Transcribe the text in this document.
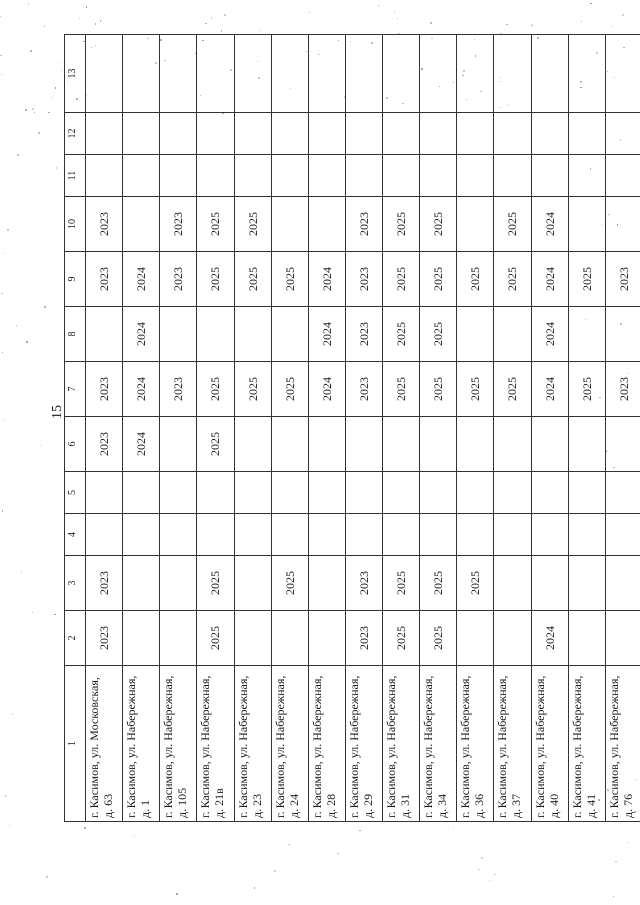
15
1	2	3	4	5	6	7	8	9	10	11	12	13
г. Касимов, ул. Московская, д. 63	2023	2023			2023	2023		2023	2023			
г. Касимов, ул. Набережная, д. 1					2024	2024	2024	2024				
г. Касимов, ул. Набережная, д. 105						2023		2023	2023			
г. Касимов, ул. Набережная, д. 21в	2025	2025			2025	2025		2025	2025			
г. Касимов, ул. Набережная, д. 23						2025		2025	2025			
г. Касимов, ул. Набережная, д. 24		2025				2025		2025				
г. Касимов, ул. Набережная, д. 28						2024	2024	2024				
г. Касимов, ул. Набережная, д. 29	2023	2023				2023	2023	2023	2023			
г. Касимов, ул. Набережная, д. 31	2025	2025				2025	2025	2025	2025			
г. Касимов, ул. Набережная, д. 34	2025	2025				2025	2025	2025	2025			
г. Касимов, ул. Набережная, д. 36		2025				2025		2025				
г. Касимов, ул. Набережная, д. 37						2025		2025	2025			
г. Касимов, ул. Набережная, д. 40	2024					2024	2024	2024	2024			
г. Касимов, ул. Набережная, д. 41						2025		2025				
г. Касимов, ул. Набережная, д. 76						2023		2023				
